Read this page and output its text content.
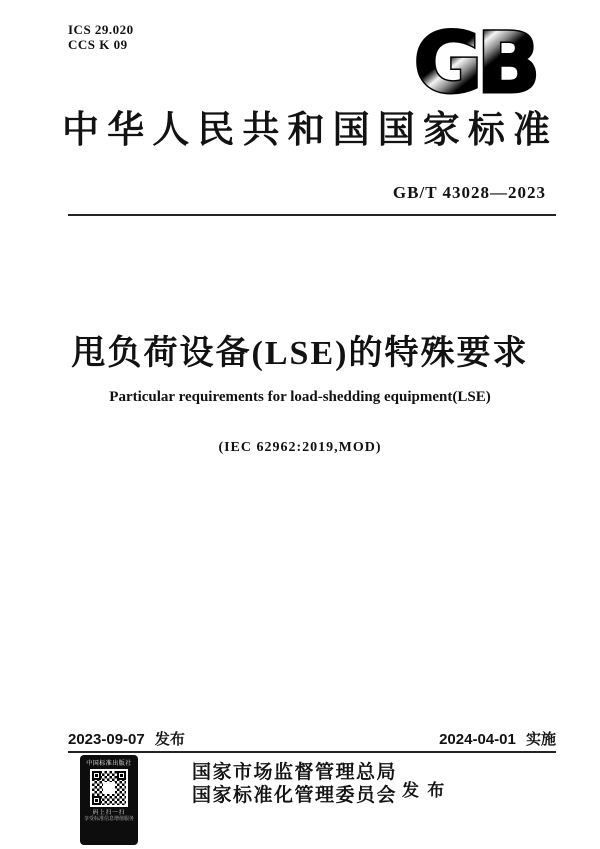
ICS 29.020
CCS K 09	GB
中华人民共和国国家标准
GB/T 43028—2023
甩负荷设备(LSE)的特殊要求
Particular requirements for load-shedding equipment(LSE)
(IEC 62962:2019,MOD)
2023-09-07 发布	2024-04-01 实施
中国标准出版社
码上扫一扫
享受标准信息增值服务
国家市场监督管理总局
国家标准化管理委员会 发 布
